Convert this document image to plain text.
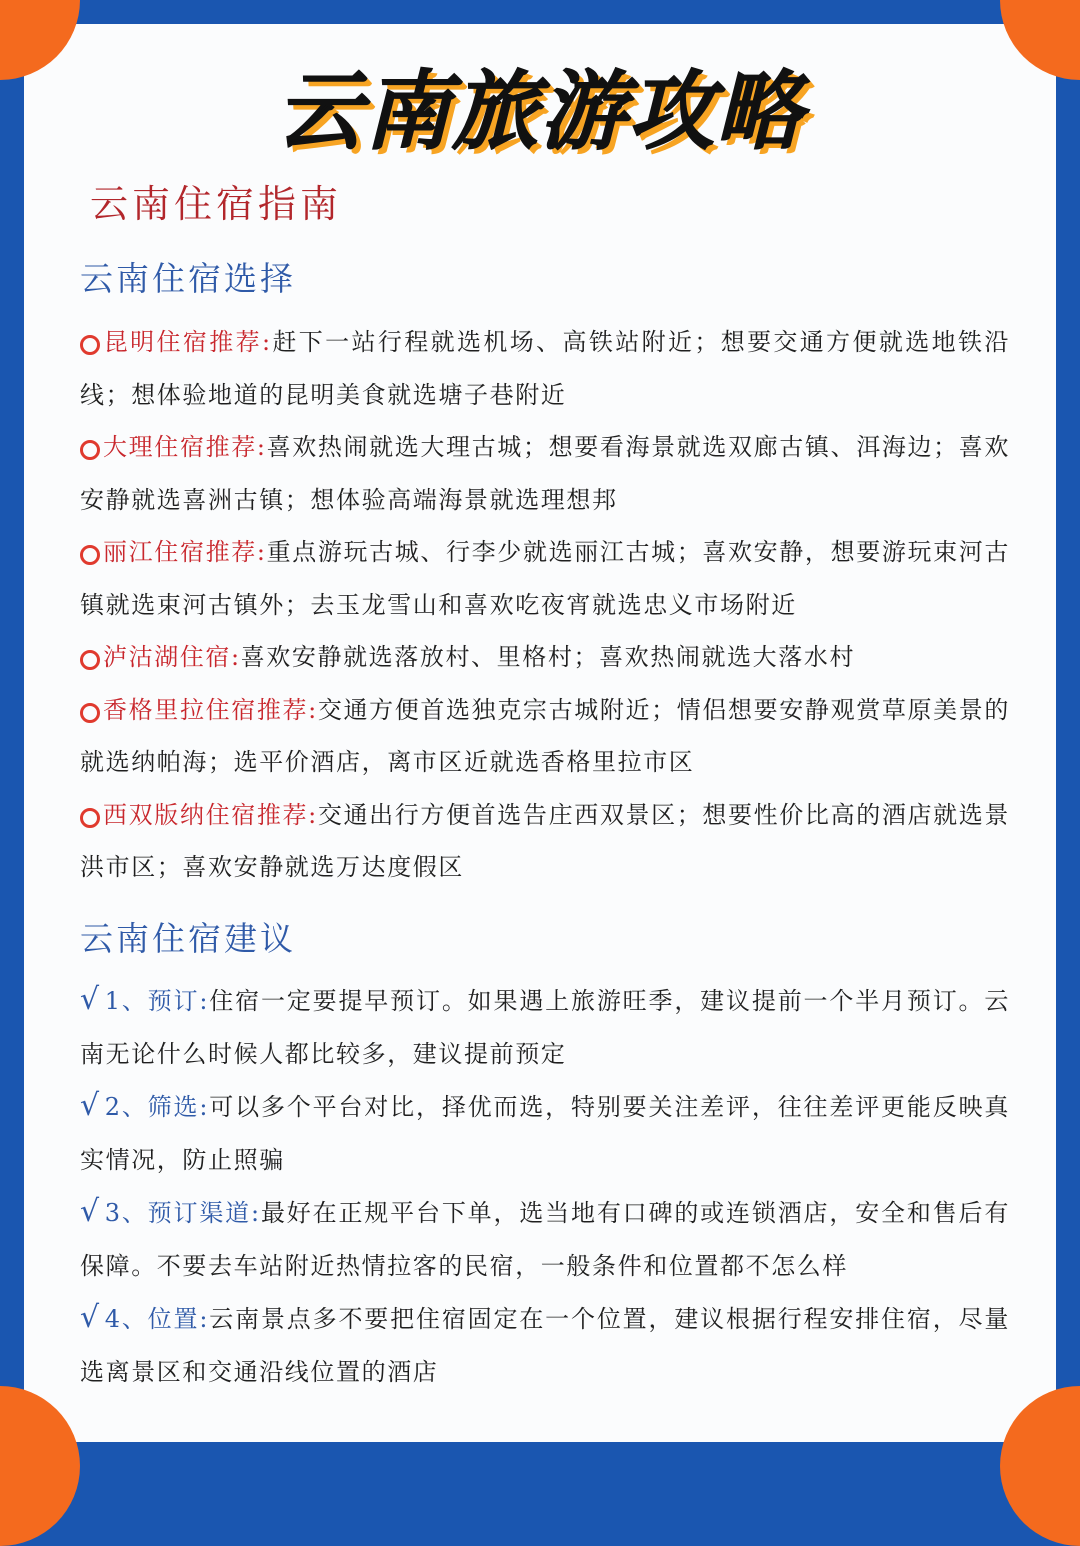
云南旅游攻略
云南住宿指南
云南住宿选择
昆明住宿推荐:赶下一站行程就选机场、高铁站附近；想要交通方便就选地铁沿线；想体验地道的昆明美食就选塘子巷附近
大理住宿推荐:喜欢热闹就选大理古城；想要看海景就选双廊古镇、洱海边；喜欢安静就选喜洲古镇；想体验高端海景就选理想邦
丽江住宿推荐:重点游玩古城、行李少就选丽江古城；喜欢安静，想要游玩束河古镇就选束河古镇外；去玉龙雪山和喜欢吃夜宵就选忠义市场附近
泸沽湖住宿:喜欢安静就选落放村、里格村；喜欢热闹就选大落水村
香格里拉住宿推荐:交通方便首选独克宗古城附近；情侣想要安静观赏草原美景的就选纳帕海；选平价酒店，离市区近就选香格里拉市区
西双版纳住宿推荐:交通出行方便首选告庄西双景区；想要性价比高的酒店就选景洪市区；喜欢安静就选万达度假区
云南住宿建议
√ 1、预订:住宿一定要提早预订。如果遇上旅游旺季，建议提前一个半月预订。云南无论什么时候人都比较多，建议提前预定
√ 2、筛选:可以多个平台对比，择优而选，特别要关注差评，往往差评更能反映真实情况，防止照骗
√ 3、预订渠道:最好在正规平台下单，选当地有口碑的或连锁酒店，安全和售后有保障。不要去车站附近热情拉客的民宿，一般条件和位置都不怎么样
√ 4、位置:云南景点多不要把住宿固定在一个位置，建议根据行程安排住宿，尽量选离景区和交通沿线位置的酒店
